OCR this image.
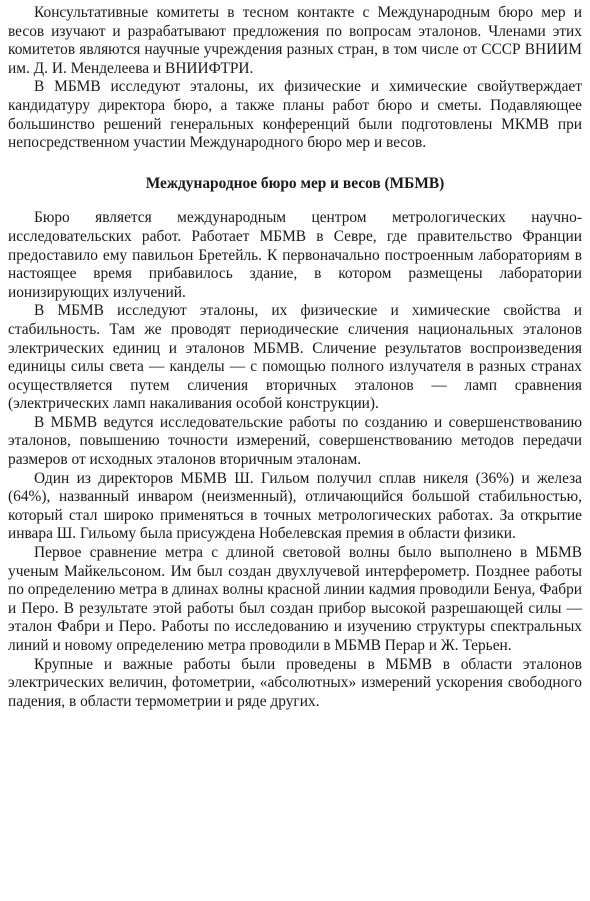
Консультативные комитеты в тесном контакте с Международным бюро мер и весов изучают и разрабатывают предложения по вопросам эталонов. Членами этих комитетов являются научные учреждения разных стран, в том числе от СССР ВНИИМ им. Д. И. Менделеева и ВНИИФТРИ.

В МБМВ исследуют эталоны, их физические и химические свойутверждает кандидатуру директора бюро, а также планы работ бюро и сметы. Подавляющее большинство решений генеральных конференций были подготовлены МКМВ при непосредственном участии Международного бюро мер и весов.

Международное бюро мер и весов (МБМВ)

Бюро является международным центром метрологических научно-исследовательских работ. Работает МБМВ в Севре, где правительство Франции предоставило ему павильон Бретейль. К первоначально построенным лабораториям в настоящее время прибавилось здание, в котором размещены лаборатории ионизирующих излучений.

В МБМВ исследуют эталоны, их физические и химические свойства и стабильность. Там же проводят периодические сличения национальных эталонов электрических единиц и эталонов МБМВ. Сличение результатов воспроизведения единицы силы света — канделы — с помощью полного излучателя в разных странах осуществляется путем сличения вторичных эталонов — ламп сравнения (электрических ламп накаливания особой конструкции).

В МБМВ ведутся исследовательские работы по созданию и совершенствованию эталонов, повышению точности измерений, совершенствованию методов передачи размеров от исходных эталонов вторичным эталонам.

Один из директоров МБМВ Ш. Гильом получил сплав никеля (36%) и железа (64%), названный инваром (неизменный), отличающийся большой стабильностью, который стал широко применяться в точных метрологических работах. За открытие инвара Ш. Гильому была присуждена Нобелевская премия в области физики.

Первое сравнение метра с длиной световой волны было выполнено в МБМВ ученым Майкельсоном. Им был создан двухлучевой интерферометр. Позднее работы по определению метра в длинах волны красной линии кадмия проводили Бенуа, Фабри и Перо. В результате этой работы был создан прибор высокой разрешающей силы — эталон Фабри и Перо. Работы по исследованию и изучению структуры спектральных линий и новому определению метра проводили в МБМВ Перар и Ж. Терьен.

Крупные и важные работы были проведены в МБМВ в области эталонов электрических величин, фотометрии, «абсолютных» измерений ускорения свободного падения, в области термометрии и ряде других.
